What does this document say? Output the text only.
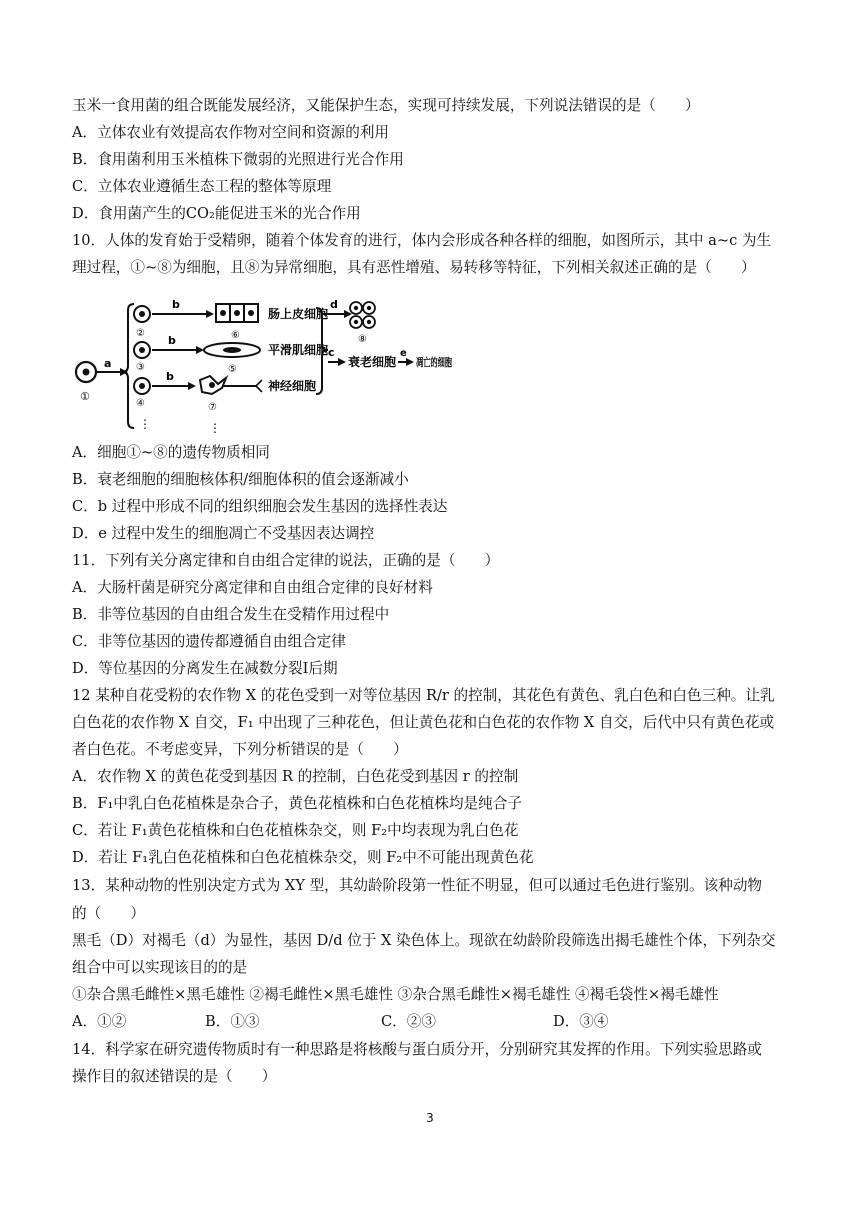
玉米一食用菌的组合既能发展经济，又能保护生态，实现可持续发展，下列说法错误的是（　　）
A．立体农业有效提高农作物对空间和资源的利用
B．食用菌利用玉米植株下微弱的光照进行光合作用
C．立体农业遵循生态工程的整体等原理
D．食用菌产生的CO₂能促进玉米的光合作用
10．人体的发育始于受精卵，随着个体发育的进行，体内会形成各种各样的细胞，如图所示，其中 a~c 为生
理过程，①~⑧为细胞，且⑧为异常细胞，具有恶性增殖、易转移等特征，下列相关叙述正确的是（　　）
①
a
②
b
⑥
肠上皮细胞
③
b
⑤
平滑肌细胞
④
b
⑦
神经细胞
⋮	⋮
d
⑧
c
衰老细胞
e
凋亡的细胞
A．细胞①~⑧的遗传物质相同
B．衰老细胞的细胞核体积/细胞体积的值会逐渐减小
C．b 过程中形成不同的组织细胞会发生基因的选择性表达
D．e 过程中发生的细胞凋亡不受基因表达调控
11．下列有关分离定律和自由组合定律的说法，正确的是（　　）
A．大肠杆菌是研究分离定律和自由组合定律的良好材料
B．非等位基因的自由组合发生在受精作用过程中
C．非等位基因的遗传都遵循自由组合定律
D．等位基因的分离发生在减数分裂Ⅰ后期
12 某种自花受粉的农作物 X 的花色受到一对等位基因 R/r 的控制，其花色有黄色、乳白色和白色三种。让乳
白色花的农作物 X 自交，F₁ 中出现了三种花色，但让黄色花和白色花的农作物 X 自交，后代中只有黄色花或
者白色花。不考虑变异，下列分析错误的是（　　）
A．农作物 X 的黄色花受到基因 R 的控制，白色花受到基因 r 的控制
B．F₁中乳白色花植株是杂合子，黄色花植株和白色花植株均是纯合子
C．若让 F₁黄色花植株和白色花植株杂交，则 F₂中均表现为乳白色花
D．若让 F₁乳白色花植株和白色花植株杂交，则 F₂中不可能出现黄色花
13．某种动物的性别决定方式为 XY 型，其幼龄阶段第一性征不明显，但可以通过毛色进行鉴别。该种动物
的（　　）
黑毛（D）对褐毛（d）为显性，基因 D/d 位于 X 染色体上。现欲在幼龄阶段筛选出揭毛雄性个体，下列杂交
组合中可以实现该目的的是
①杂合黑毛雌性×黑毛雄性 ②褐毛雌性×黑毛雄性 ③杂合黑毛雌性×褐毛雄性 ④褐毛袋性×褐毛雄性
A．①②	B．①③	C．②③	D．③④
14．科学家在研究遗传物质时有一种思路是将核酸与蛋白质分开，分别研究其发挥的作用。下列实验思路或
操作目的叙述错误的是（　　）
3
